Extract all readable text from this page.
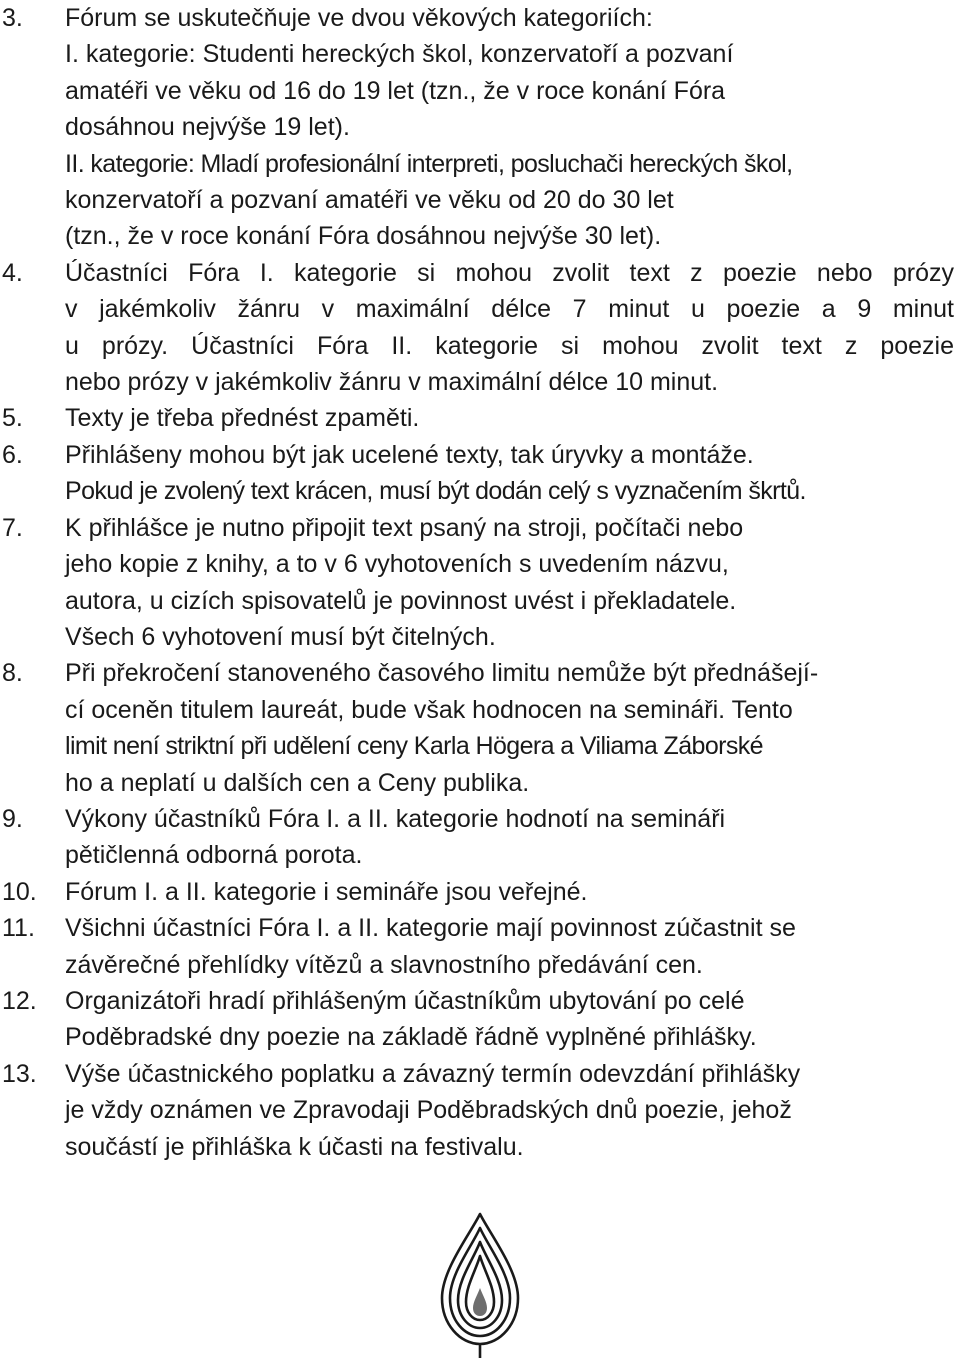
3. Fórum se uskutečňuje ve dvou věkových kategoriích:
I. kategorie: Studenti hereckých škol, konzervatoří a pozvaní
amatéři ve věku od 16 do 19 let (tzn., že v roce konání Fóra
dosáhnou nejvýše 19 let).
II. kategorie: Mladí profesionální interpreti, posluchači hereckých škol,
konzervatoří a pozvaní amatéři ve věku od 20 do 30 let
(tzn., že v roce konání Fóra dosáhnou nejvýše 30 let).
4. Účastníci Fóra I. kategorie si mohou zvolit text z poezie nebo prózy
v jakémkoliv žánru v maximální délce 7 minut u poezie a 9 minut
u prózy. Účastníci Fóra II. kategorie si mohou zvolit text z poezie
nebo prózy v jakémkoliv žánru v maximální délce 10 minut.
5. Texty je třeba přednést zpaměti.
6. Přihlášeny mohou být jak ucelené texty, tak úryvky a montáže.
Pokud je zvolený text krácen, musí být dodán celý s vyznačením škrtů.
7. K přihlášce je nutno připojit text psaný na stroji, počítači nebo
jeho kopie z knihy, a to v 6 vyhotoveních s uvedením názvu,
autora, u cizích spisovatelů je povinnost uvést i překladatele.
Všech 6 vyhotovení musí být čitelných.
8. Při překročení stanoveného časového limitu nemůže být přednášejí-
cí oceněn titulem laureát, bude však hodnocen na semináři. Tento
limit není striktní při udělení ceny Karla Högera a Viliama Záborské
ho a neplatí u dalších cen a Ceny publika.
9. Výkony účastníků Fóra I. a II. kategorie hodnotí na semináři
pětičlenná odborná porota.
10. Fórum I. a II. kategorie i semináře jsou veřejné.
11. Všichni účastníci Fóra I. a II. kategorie mají povinnost zúčastnit se
závěrečné přehlídky vítězů a slavnostního předávání cen.
12. Organizátoři hradí přihlášeným účastníkům ubytování po celé
Poděbradské dny poezie na základě řádně vyplněné přihlášky.
13. Výše účastnického poplatku a závazný termín odevzdání přihlášky
je vždy oznámen ve Zpravodaji Poděbradských dnů poezie, jehož
součástí je přihláška k účasti na festivalu.
